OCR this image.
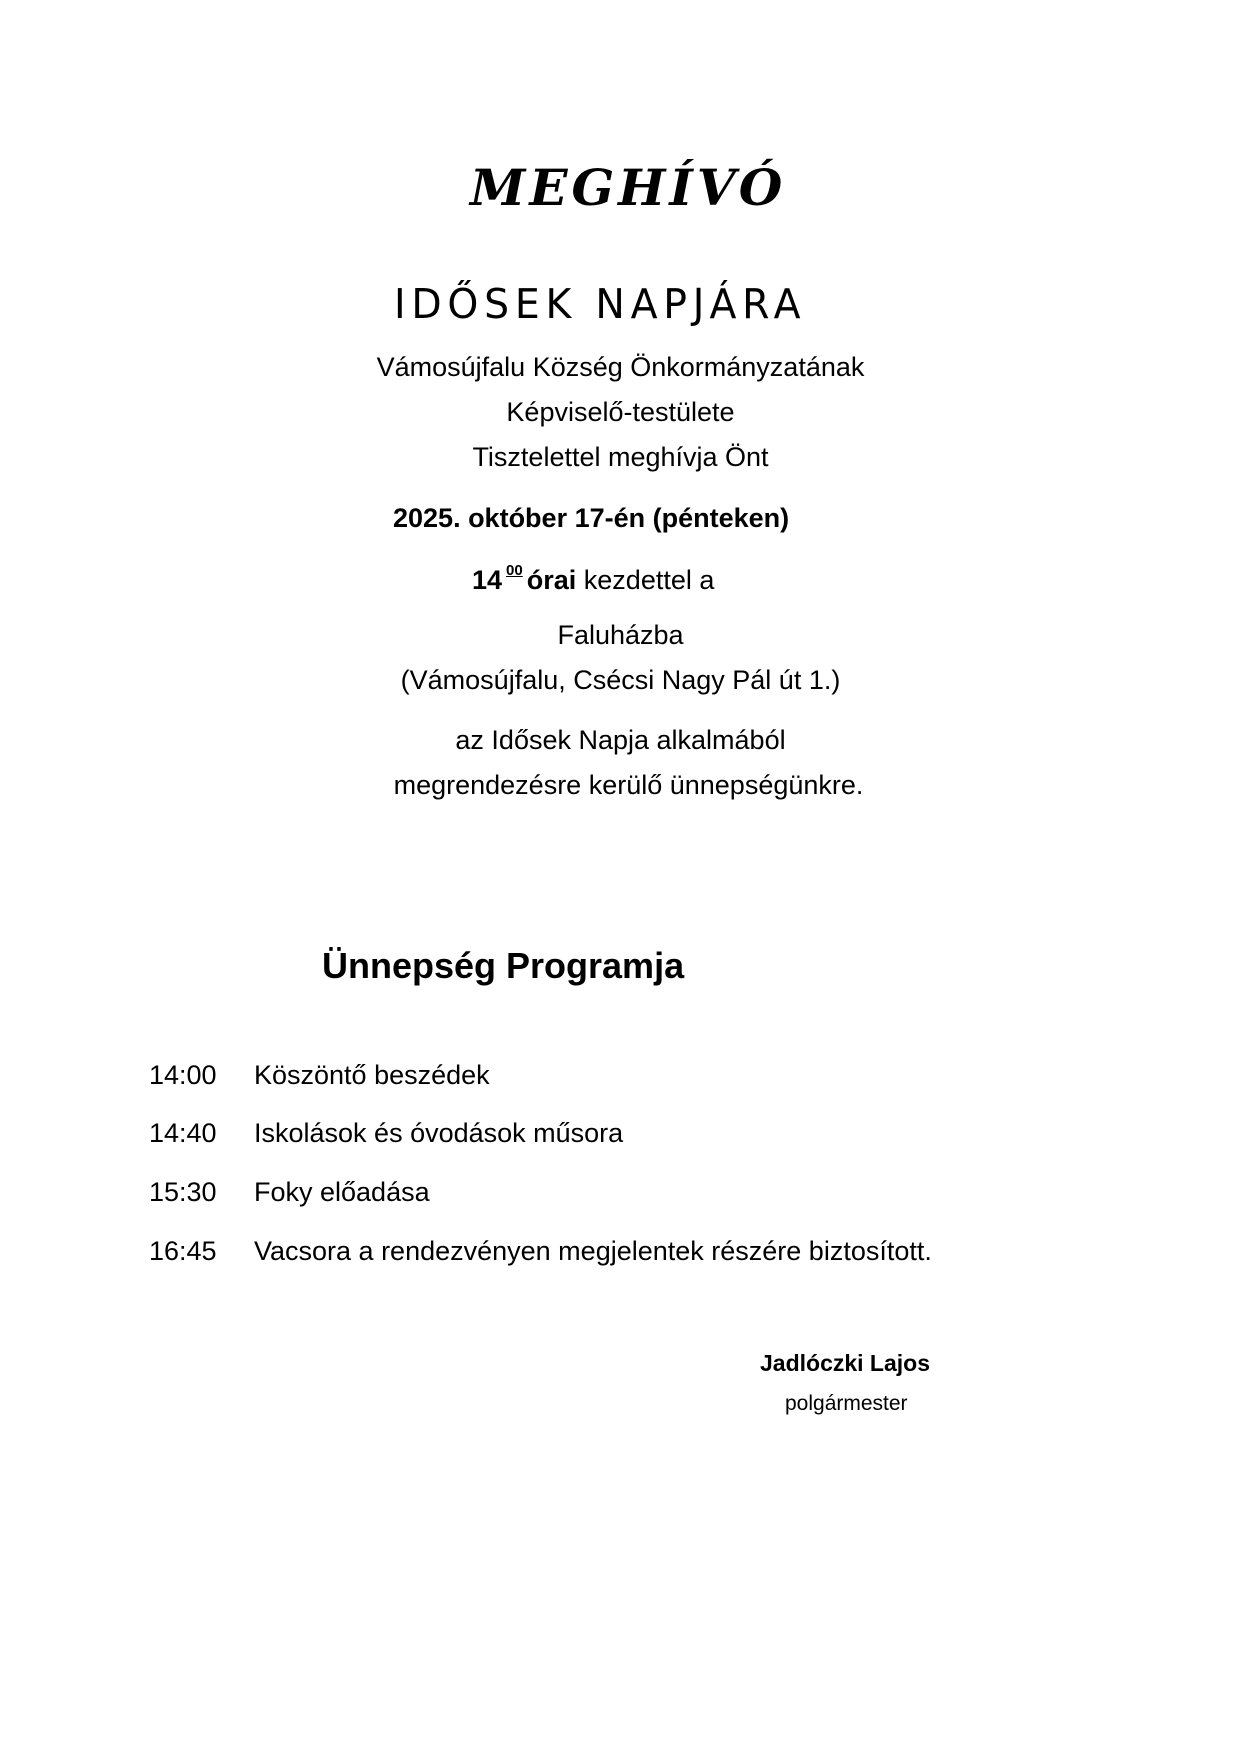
MEGHÍVÓ
IDŐSEK NAPJÁRA
Vámosújfalu Község Önkormányzatának
Képviselő-testülete
Tisztelettel meghívja Önt
2025. október 17-én (pénteken)
14 $^{00}$ órai kezdettel a
Faluházba
(Vámosújfalu, Csécsi Nagy Pál út 1.)
az Idősek Napja alkalmából
megrendezésre kerülő ünnepségünkre.
Ünnepség Programja
14:00 Köszöntő beszédek
14:40 Iskolások és óvodások műsora
15:30 Foky előadása
16:45 Vacsora a rendezvényen megjelentek részére biztosított.
Jadlóczki Lajos
polgármester
